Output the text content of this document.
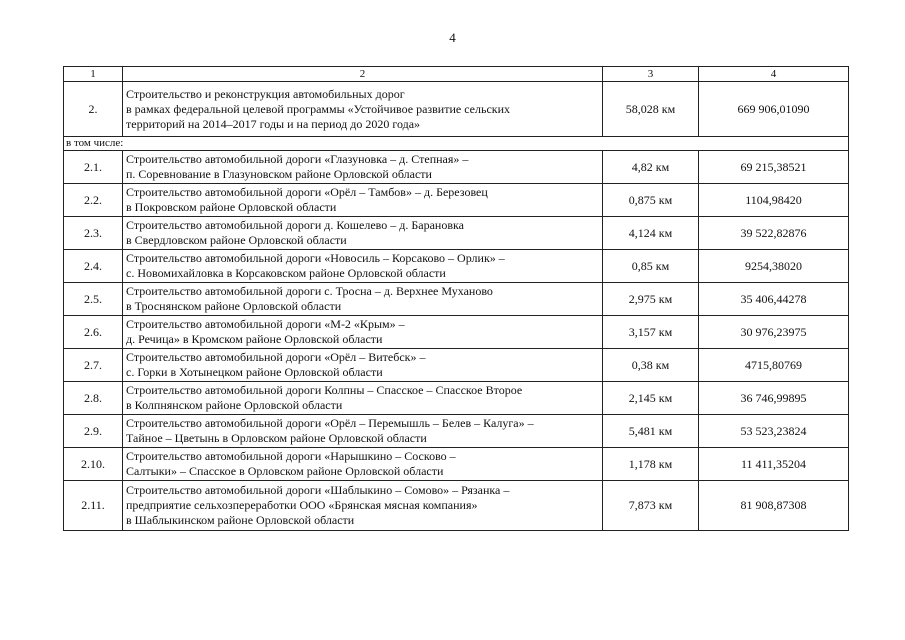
4
1	2	3	4
2.	Строительство и реконструкция автомобильных дорог
в рамках федеральной целевой программы «Устойчивое развитие сельских
территорий на 2014–2017 годы и на период до 2020 года»	58,028 км	669 906,01090
в том числе:			
2.1.	Строительство автомобильной дороги «Глазуновка – д. Степная» –
п. Соревнование в Глазуновском районе Орловской области	4,82 км	69 215,38521
2.2.	Строительство автомобильной дороги «Орёл – Тамбов» – д. Березовец
в Покровском районе Орловской области	0,875 км	1104,98420
2.3.	Строительство автомобильной дороги д. Кошелево – д. Барановка
в Свердловском районе Орловской области	4,124 км	39 522,82876
2.4.	Строительство автомобильной дороги «Новосиль – Корсаково – Орлик» –
с. Новомихайловка в Корсаковском районе Орловской области	0,85 км	9254,38020
2.5.	Строительство автомобильной дороги с. Тросна – д. Верхнее Муханово
в Троснянском районе Орловской области	2,975 км	35 406,44278
2.6.	Строительство автомобильной дороги «М-2 «Крым» –
д. Речица» в Кромском районе Орловской области	3,157 км	30 976,23975
2.7.	Строительство автомобильной дороги «Орёл – Витебск» –
с. Горки в Хотынецком районе Орловской области	0,38 км	4715,80769
2.8.	Строительство автомобильной дороги Колпны – Спасское – Спасское Второе
в Колпнянском районе Орловской области	2,145 км	36 746,99895
2.9.	Строительство автомобильной дороги «Орёл – Перемышль – Белев – Калуга» –
Тайное – Цветынь в Орловском районе Орловской области	5,481 км	53 523,23824
2.10.	Строительство автомобильной дороги «Нарышкино – Сосково –
Салтыки» – Спасское в Орловском районе Орловской области	1,178 км	11 411,35204
2.11.	Строительство автомобильной дороги «Шаблыкино – Сомово» – Рязанка –
предприятие сельхозпереработки ООО «Брянская мясная компания»
в Шаблыкинском районе Орловской области	7,873 км	81 908,87308
